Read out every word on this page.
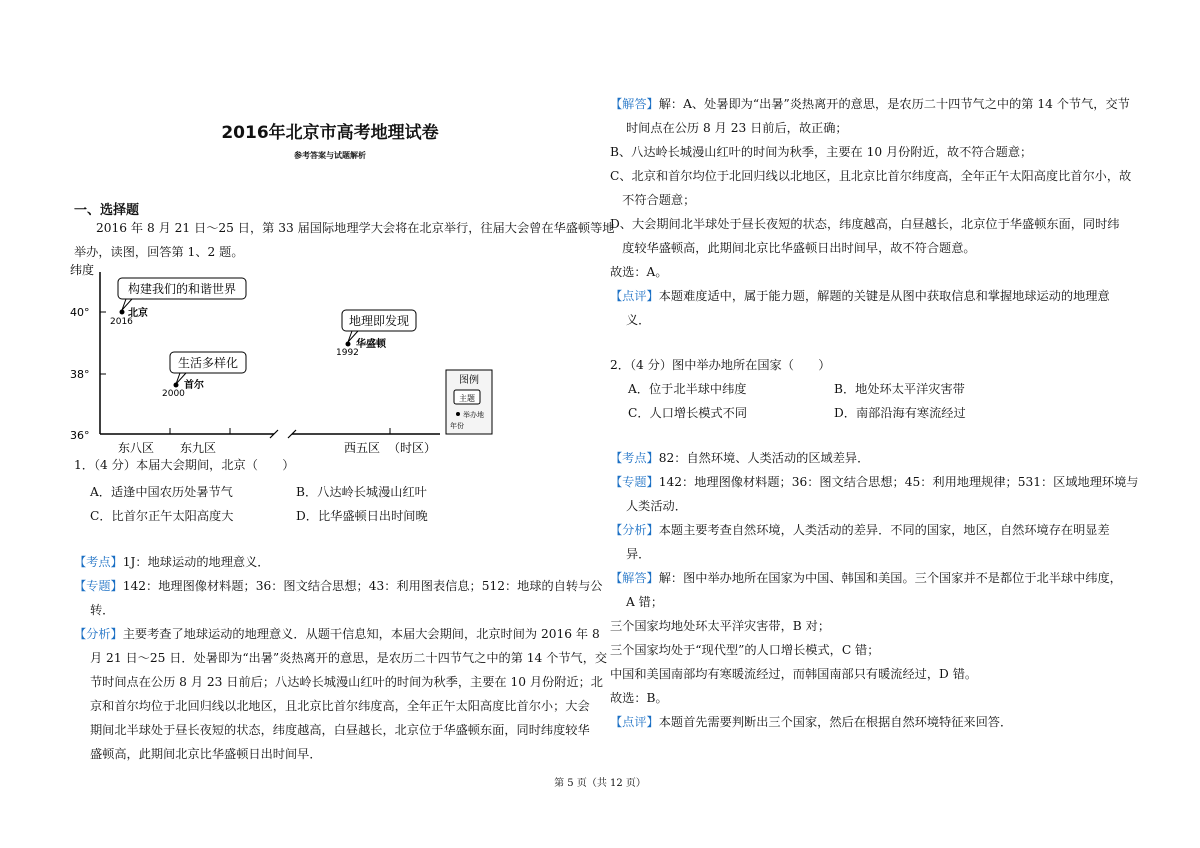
2016年北京市高考地理试卷
参考答案与试题解析
一、选择题
2016 年 8 月 21 日～25 日，第 33 届国际地理学大会将在北京举行，往届大会曾在华盛顿等地
举办，读图，回答第 1、2 题。
纬度
40°
38°
36°
东八区 东九区	西五区 （时区）
构建我们的和谐世界
北京
2016	地理即发现
华盛顿
1992
生活多样化
首尔
2000
图例
主题
举办地
年份
1．（4 分）本届大会期间，北京（　　）
A．适逢中国农历处暑节气	B．八达岭长城漫山红叶
C．比首尔正午太阳高度大	D．比华盛顿日出时间晚
【考点】1J：地球运动的地理意义．
【专题】142：地理图像材料题；36：图文结合思想；43：利用图表信息；512：地球的自转与公
转．
【分析】主要考查了地球运动的地理意义．从题干信息知，本届大会期间，北京时间为 2016 年 8
月 21 日～25 日．处暑即为“出暑”炎热离开的意思，是农历二十四节气之中的第 14 个节气，交
节时间点在公历 8 月 23 日前后；八达岭长城漫山红叶的时间为秋季，主要在 10 月份附近；北
京和首尔均位于北回归线以北地区，且北京比首尔纬度高，全年正午太阳高度比首尔小；大会
期间北半球处于昼长夜短的状态，纬度越高，白昼越长，北京位于华盛顿东面，同时纬度较华
盛顿高，此期间北京比华盛顿日出时间早．
【解答】解：A、处暑即为“出暑”炎热离开的意思，是农历二十四节气之中的第 14 个节气，交节
时间点在公历 8 月 23 日前后，故正确；
B、八达岭长城漫山红叶的时间为秋季，主要在 10 月份附近，故不符合题意；
C、北京和首尔均位于北回归线以北地区，且北京比首尔纬度高，全年正午太阳高度比首尔小，故
　不符合题意；
D、大会期间北半球处于昼长夜短的状态，纬度越高，白昼越长，北京位于华盛顿东面，同时纬
　度较华盛顿高，此期间北京比华盛顿日出时间早，故不符合题意。
故选：A。
【点评】本题难度适中，属于能力题，解题的关键是从图中获取信息和掌握地球运动的地理意
义．
2．（4 分）图中举办地所在国家（　　）
A．位于北半球中纬度	B．地处环太平洋灾害带
C．人口增长模式不同	D．南部沿海有寒流经过
【考点】82：自然环境、人类活动的区域差异．
【专题】142：地理图像材料题；36：图文结合思想；45：利用地理规律；531：区域地理环境与
人类活动．
【分析】本题主要考查自然环境，人类活动的差异．不同的国家，地区，自然环境存在明显差
异．
【解答】解：图中举办地所在国家为中国、韩国和美国。三个国家并不是都位于北半球中纬度，
A 错；
三个国家均地处环太平洋灾害带，B 对；
三个国家均处于“现代型”的人口增长模式，C 错；
中国和美国南部均有寒暖流经过，而韩国南部只有暖流经过，D 错。
故选：B。
【点评】本题首先需要判断出三个国家，然后在根据自然环境特征来回答．
第 5 页（共 12 页）
